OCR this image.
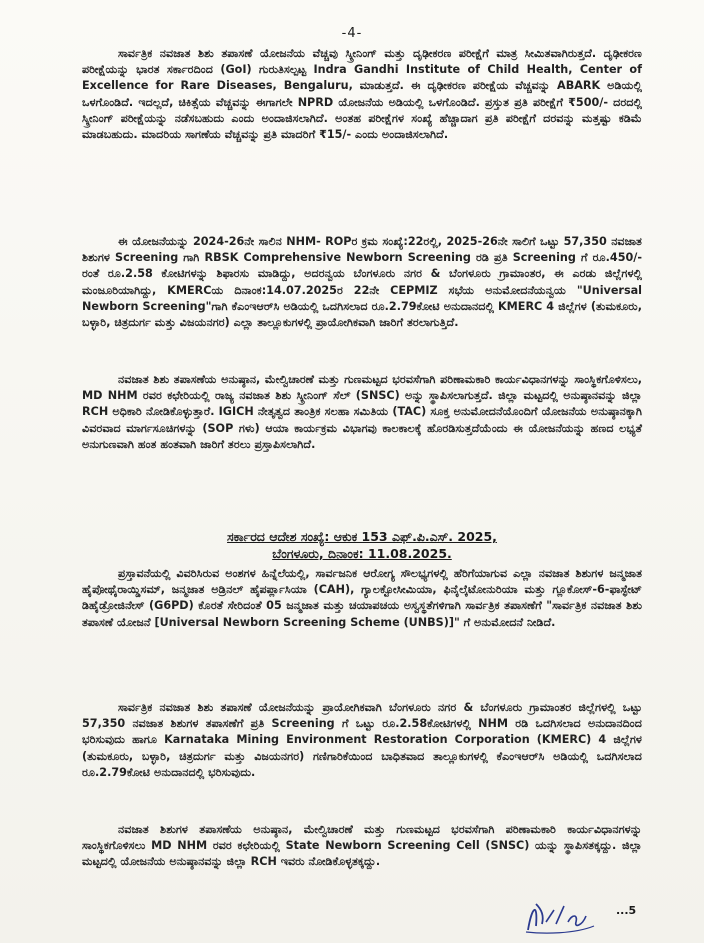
-4-

ಸಾರ್ವತ್ರಿಕ ನವಜಾತ ಶಿಶು ತಪಾಸಣೆ ಯೋಜನೆಯ ವೆಚ್ಚವು ಸ್ಕ್ರೀನಿಂಗ್ ಮತ್ತು ದೃಢೀಕರಣ ಪರೀಕ್ಷೆಗೆ ಮಾತ್ರ ಸೀಮಿತವಾಗಿರುತ್ತದೆ. ದೃಢೀಕರಣ ಪರೀಕ್ಷೆಯನ್ನು ಭಾರತ ಸರ್ಕಾರದಿಂದ (GoI) ಗುರುತಿಸಲ್ಪಟ್ಟ Indra Gandhi Institute of Child Health, Center of Excellence for Rare Diseases, Bengaluru, ಮಾಡುತ್ತದೆ. ಈ ದೃಢೀಕರಣ ಪರೀಕ್ಷೆಯ ವೆಚ್ಚವನ್ನು ABARK ಅಡಿಯಲ್ಲಿ ಒಳಗೊಂಡಿದೆ. ಇದಲ್ಲದೆ, ಚಿಕಿತ್ಸೆಯ ವೆಚ್ಚವನ್ನು ಈಗಾಗಲೇ NPRD ಯೋಜನೆಯ ಅಡಿಯಲ್ಲಿ ಒಳಗೊಂಡಿದೆ. ಪ್ರಸ್ತುತ ಪ್ರತಿ ಪರೀಕ್ಷೆಗೆ ₹500/- ದರದಲ್ಲಿ ಸ್ಕ್ರೀನಿಂಗ್ ಪರೀಕ್ಷೆಯನ್ನು ನಡೆಸಬಹುದು ಎಂದು ಅಂದಾಜಿಸಲಾಗಿದೆ. ಅಂತಹ ಪರೀಕ್ಷೆಗಳ ಸಂಖ್ಯೆ ಹೆಚ್ಚಾದಾಗ ಪ್ರತಿ ಪರೀಕ್ಷೆಗೆ ದರವನ್ನು ಮತ್ತಷ್ಟು ಕಡಿಮೆ ಮಾಡಬಹುದು. ಮಾದರಿಯ ಸಾಗಣೆಯ ವೆಚ್ಚವನ್ನು ಪ್ರತಿ ಮಾದರಿಗೆ ₹15/- ಎಂದು ಅಂದಾಜಿಸಲಾಗಿದೆ.

ಈ ಯೋಜನೆಯನ್ನು 2024-26ನೇ ಸಾಲಿನ NHM- ROPರ ಕ್ರಮ ಸಂಖ್ಯೆ:22ರಲ್ಲಿ, 2025-26ನೇ ಸಾಲಿಗೆ ಒಟ್ಟು 57,350 ನವಜಾತ ಶಿಶುಗಳ Screening ಗಾಗಿ RBSK Comprehensive Newborn Screening ರಡಿ ಪ್ರತಿ Screening ಗೆ ರೂ.450/- ರಂತೆ ರೂ.2.58 ಕೋಟಿಗಳನ್ನು ಶಿಫಾರಸು ಮಾಡಿದ್ದು, ಅದರನ್ವಯ ಬೆಂಗಳೂರು ನಗರ & ಬೆಂಗಳೂರು ಗ್ರಾಮಾಂತರ, ಈ ಎರಡು ಜಿಲ್ಲೆಗಳಲ್ಲಿ ಮಂಜೂರಿಯಾಗಿದ್ದು, KMERCಯ ದಿನಾಂಕ:14.07.2025ರ 22ನೇ CEPMIZ ಸಭೆಯ ಅನುಮೋದನೆಯನ್ವಯ "Universal Newborn Screening"ಗಾಗಿ ಕೆಎಂಇಆರ್‌ಸಿ ಅಡಿಯಲ್ಲಿ ಒದಗಿಸಲಾದ ರೂ.2.79ಕೋಟಿ ಅನುದಾನದಲ್ಲಿ KMERC 4 ಜಿಲ್ಲೆಗಳ (ತುಮಕೂರು, ಬಳ್ಳಾರಿ, ಚಿತ್ರದುರ್ಗ ಮತ್ತು ವಿಜಯನಗರ) ಎಲ್ಲಾ ತಾಲ್ಲೂಕುಗಳಲ್ಲಿ ಪ್ರಾಯೋಗಿಕವಾಗಿ ಜಾರಿಗೆ ತರಲಾಗುತ್ತಿದೆ.

ನವಜಾತ ಶಿಶು ತಪಾಸಣೆಯ ಅನುಷ್ಠಾನ, ಮೇಲ್ವಿಚಾರಣೆ ಮತ್ತು ಗುಣಮಟ್ಟದ ಭರವಸೆಗಾಗಿ ಪರಿಣಾಮಕಾರಿ ಕಾರ್ಯವಿಧಾನಗಳನ್ನು ಸಾಂಸ್ಥಿಕಗೊಳಿಸಲು, MD NHM ರವರ ಕಛೇರಿಯಲ್ಲಿ ರಾಜ್ಯ ನವಜಾತ ಶಿಶು ಸ್ಕ್ರೀನಿಂಗ್ ಸೆಲ್ (SNSC) ಅನ್ನು ಸ್ಥಾಪಿಸಲಾಗುತ್ತದೆ. ಜಿಲ್ಲಾ ಮಟ್ಟದಲ್ಲಿ ಅನುಷ್ಠಾನವನ್ನು ಜಿಲ್ಲಾ RCH ಅಧಿಕಾರಿ ನೋಡಿಕೊಳ್ಳುತ್ತಾರೆ. IGICH ನೇತೃತ್ವದ ತಾಂತ್ರಿಕ ಸಲಹಾ ಸಮಿತಿಯ (TAC) ಸೂಕ್ತ ಅನುಮೋದನೆಯೊಂದಿಗೆ ಯೋಜನೆಯ ಅನುಷ್ಠಾನಕ್ಕಾಗಿ ವಿವರವಾದ ಮಾರ್ಗಸೂಚಿಗಳನ್ನು (SOP ಗಳು) ಆಯಾ ಕಾರ್ಯಕ್ರಮ ವಿಭಾಗವು ಕಾಲಕಾಲಕ್ಕೆ ಹೊರಡಿಸುತ್ತದೆಯೆಂದು ಈ ಯೋಜನೆಯನ್ನು ಹಣದ ಲಭ್ಯತೆ ಅನುಗುಣವಾಗಿ ಹಂತ ಹಂತವಾಗಿ ಜಾರಿಗೆ ತರಲು ಪ್ರಸ್ತಾಪಿಸಲಾಗಿದೆ.

ಸರ್ಕಾರದ ಆದೇಶ ಸಂಖ್ಯೆ: ಆಕುಕ 153 ಎಫ್.ಪಿ.ಎಸ್. 2025,
ಬೆಂಗಳೂರು, ದಿನಾಂಕ: 11.08.2025.

ಪ್ರಸ್ತಾವನೆಯಲ್ಲಿ ವಿವರಿಸಿರುವ ಅಂಶಗಳ ಹಿನ್ನೆಲೆಯಲ್ಲಿ, ಸಾರ್ವಜನಿಕ ಆರೋಗ್ಯ ಸೌಲಭ್ಯಗಳಲ್ಲಿ ಹೆರಿಗೆಯಾಗುವ ಎಲ್ಲಾ ನವಜಾತ ಶಿಶುಗಳ ಜನ್ಮಜಾತ ಹೈಪೋಥೈರಾಯ್ಡಿಸಮ್, ಜನ್ಮಜಾತ ಅಡ್ರಿನಲ್ ಹೈಪರ್ಪ್ಲಾಸಿಯಾ (CAH), ಗ್ಯಾಲಕ್ಟೋಸೀಮಿಯಾ, ಫಿನೈಲ್ಕೆಟೋನುರಿಯಾ ಮತ್ತು ಗ್ಲೂಕೋಸ್-6-ಫಾಸ್ಫೇಟ್ ಡಿಹೈಡ್ರೋಜಿನೇಸ್ (G6PD) ಕೊರತೆ ಸೇರಿದಂತೆ 05 ಜನ್ಮಜಾತ ಮತ್ತು ಚಯಾಪಚಯ ಅಸ್ವಸ್ಥತೆಗಳಿಗಾಗಿ ಸಾರ್ವತ್ರಿಕ ತಪಾಸಣೆಗೆ "ಸಾರ್ವತ್ರಿಕ ನವಜಾತ ಶಿಶು ತಪಾಸಣೆ ಯೋಜನೆ [Universal Newborn Screening Scheme (UNBS)]" ಗೆ ಅನುಮೋದನೆ ನೀಡಿದೆ.

ಸಾರ್ವತ್ರಿಕ ನವಜಾತ ಶಿಶು ತಪಾಸಣೆ ಯೋಜನೆಯನ್ನು ಪ್ರಾಯೋಗಿಕವಾಗಿ ಬೆಂಗಳೂರು ನಗರ & ಬೆಂಗಳೂರು ಗ್ರಾಮಾಂತರ ಜಿಲ್ಲೆಗಳಲ್ಲಿ ಒಟ್ಟು 57,350 ನವಜಾತ ಶಿಶುಗಳ ತಪಾಸಣೆಗೆ ಪ್ರತಿ Screening ಗೆ ಒಟ್ಟು ರೂ.2.58ಕೋಟಿಗಳಲ್ಲಿ NHM ರಡಿ ಒದಗಿಸಲಾದ ಅನುದಾನದಿಂದ ಭರಿಸುವುದು ಹಾಗೂ Karnataka Mining Environment Restoration Corporation (KMERC) 4 ಜಿಲ್ಲೆಗಳ (ತುಮಕೂರು, ಬಳ್ಳಾರಿ, ಚಿತ್ರದುರ್ಗ ಮತ್ತು ವಿಜಯನಗರ) ಗಣಿಗಾರಿಕೆಯಿಂದ ಬಾಧಿತವಾದ ತಾಲ್ಲೂಕುಗಳಲ್ಲಿ ಕೆಎಂಇಆರ್‌ಸಿ ಅಡಿಯಲ್ಲಿ ಒದಗಿಸಲಾದ ರೂ.2.79ಕೋಟಿ ಅನುದಾನದಲ್ಲಿ ಭರಿಸುವುದು.

ನವಜಾತ ಶಿಶುಗಳ ತಪಾಸಣೆಯ ಅನುಷ್ಠಾನ, ಮೇಲ್ವಿಚಾರಣೆ ಮತ್ತು ಗುಣಮಟ್ಟದ ಭರವಸೆಗಾಗಿ ಪರಿಣಾಮಕಾರಿ ಕಾರ್ಯವಿಧಾನಗಳನ್ನು ಸಾಂಸ್ಥಿಕಗೊಳಿಸಲು MD NHM ರವರ ಕಛೇರಿಯಲ್ಲಿ State Newborn Screening Cell (SNSC) ಯನ್ನು ಸ್ಥಾಪಿಸತಕ್ಕದ್ದು. ಜಿಲ್ಲಾ ಮಟ್ಟದಲ್ಲಿ ಯೋಜನೆಯ ಅನುಷ್ಠಾನವನ್ನು ಜಿಲ್ಲಾ RCH ಇವರು ನೋಡಿಕೊಳ್ಳತಕ್ಕದ್ದು.

...5
